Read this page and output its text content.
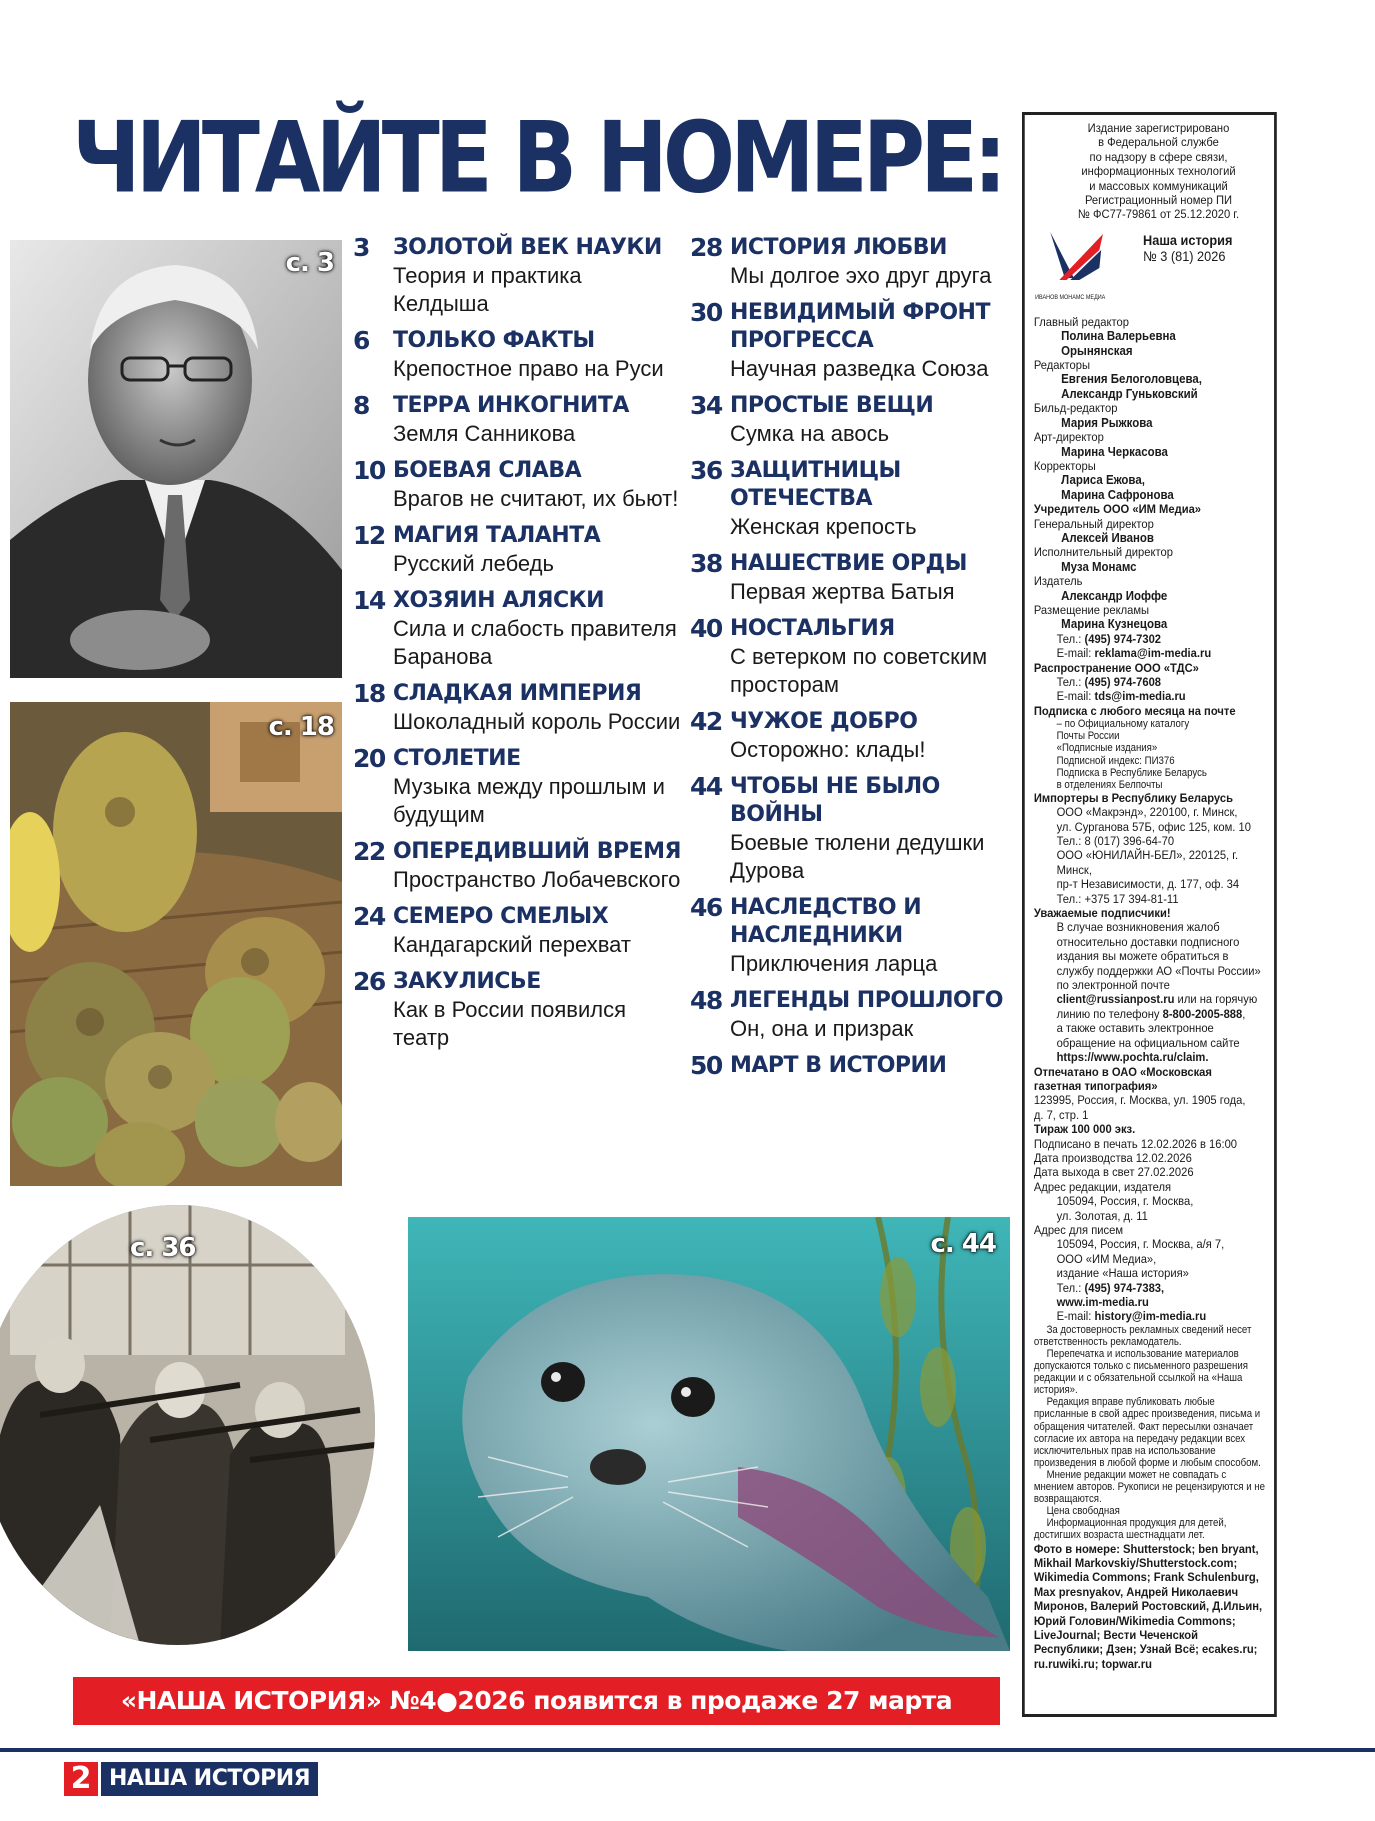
ЧИТАЙТЕ В НОМЕРЕ:
с. 3
с. 18
с. 36	с. 44
3	ЗОЛОТОЙ ВЕК НАУКИ
Теория и практика Келдыша
6	ТОЛЬКО ФАКТЫ
Крепостное право на Руси
8	ТЕРРА ИНКОГНИТА
Земля Санникова
10 БОЕВАЯ СЛАВА
Врагов не считают, их бьют!
12 МАГИЯ ТАЛАНТА
Русский лебедь
14 ХОЗЯИН АЛЯСКИ
Сила и слабость правителя Баранова
18 СЛАДКАЯ ИМПЕРИЯ
Шоколадный король России
20 СТОЛЕТИЕ
Музыка между прошлым и будущим
22 ОПЕРЕДИВШИЙ ВРЕМЯ
Пространство Лобачевского
24 СЕМЕРО СМЕЛЫХ
Кандагарский перехват
26 ЗАКУЛИСЬЕ
Как в России появился театр
28 ИСТОРИЯ ЛЮБВИ
Мы долгое эхо друг друга
30 НЕВИДИМЫЙ ФРОНТ ПРОГРЕССА
Научная разведка Союза
34 ПРОСТЫЕ ВЕЩИ
Сумка на авось
36 ЗАЩИТНИЦЫ ОТЕЧЕСТВА
Женская крепость
38 НАШЕСТВИЕ ОРДЫ
Первая жертва Батыя
40 НОСТАЛЬГИЯ
С ветерком по советским просторам
42 ЧУЖОЕ ДОБРО
Осторожно: клады!
44 ЧТОБЫ НЕ БЫЛО ВОЙНЫ
Боевые тюлени дедушки Дурова
46 НАСЛЕДСТВО И НАСЛЕДНИКИ
Приключения ларца
48 ЛЕГЕНДЫ ПРОШЛОГО
Он, она и призрак
50 МАРТ В ИСТОРИИ
Издание зарегистрировано
в Федеральной службе
по надзору в сфере связи,
информационных технологий
и массовых коммуникаций
Регистрационный номер ПИ
№ ФС77-79861 от 25.12.2020 г.
ИВАНОВ МОНАМС МЕДИА
Наша история
№ 3 (81) 2026
Главный редактор
Полина Валерьевна
Орынянская
Редакторы
Евгения Белоголовцева,
Александр Гуньковский
Бильд-редактор
Мария Рыжкова
Арт-директор
Марина Черкасова
Корректоры
Лариса Ежова,
Марина Сафронова
Учредитель ООО «ИМ Медиа»
Генеральный директор
Алексей Иванов
Исполнительный директор
Муза Монамс
Издатель
Александр Иоффе
Размещение рекламы
Марина Кузнецова
Тел.: (495) 974-7302
E-mail: reklama@im-media.ru
Распространение ООО «ТДС»
Тел.: (495) 974-7608
E-mail: tds@im-media.ru
Подписка с любого месяца на почте
– по Официальному каталогу
Почты России
«Подписные издания»
Подписной индекс: ПИ376
Подписка в Республике Беларусь
в отделениях Белпочты
Импортеры в Республику Беларусь
ООО «Макрэнд», 220100, г. Минск,
ул. Сурганова 57Б, офис 125, ком. 10
Тел.: 8 (017) 396-64-70
ООО «ЮНИЛАЙН-БЕЛ», 220125, г. Минск,
пр-т Независимости, д. 177, оф. 34
Тел.: +375 17 394-81-11
Уважаемые подписчики!
В случае возникновения жалоб
относительно доставки подписного
издания вы можете обратиться в
службу поддержки АО «Почты России»
по электронной почте
client@russianpost.ru или на горячую
линию по телефону 8-800-2005-888,
а также оставить электронное
обращение на официальном сайте
https://www.pochta.ru/claim.
Отпечатано в ОАО «Московская
газетная типография»
123995, Россия, г. Москва, ул. 1905 года,
д. 7, стр. 1
Тираж 100 000 экз.
Подписано в печать 12.02.2026 в 16:00
Дата производства 12.02.2026
Дата выхода в свет 27.02.2026
Адрес редакции, издателя
105094, Россия, г. Москва,
ул. Золотая, д. 11
Адрес для писем
105094, Россия, г. Москва, а/я 7,
ООО «ИМ Медиа»,
издание «Наша история»
Тел.: (495) 974-7383,
www.im-media.ru
E-mail: history@im-media.ru
За достоверность рекламных сведений несет ответственность рекламодатель.
Перепечатка и использование материалов допускаются только с письменного разрешения редакции и с обязательной ссылкой на «Наша история».
Редакция вправе публиковать любые присланные в свой адрес произведения, письма и обращения читателей. Факт пересылки означает согласие их автора на передачу редакции всех исключительных прав на использование произведения в любой форме и любым способом.
Мнение редакции может не совпадать с мнением авторов. Рукописи не рецензируются и не возвращаются.
Цена свободная
Информационная продукция для детей, достигших возраста шестнадцати лет.
Фото в номере: Shutterstock; ben bryant, Mikhail Markovskiy/Shutterstock.com; Wikimedia Commons; Frank Schulenburg, Max presnyakov, Андрей Николаевич Миронов, Валерий Ростовский, Д.Ильин, Юрий Головин/Wikimedia Commons; LiveJournal; Вести Чеченской Республики; Дзен; Узнай Всё; ecakes.ru; ru.ruwiki.ru; topwar.ru
«НАША ИСТОРИЯ» №4●2026 появится в продаже 27 марта
2 НАША ИСТОРИЯ
